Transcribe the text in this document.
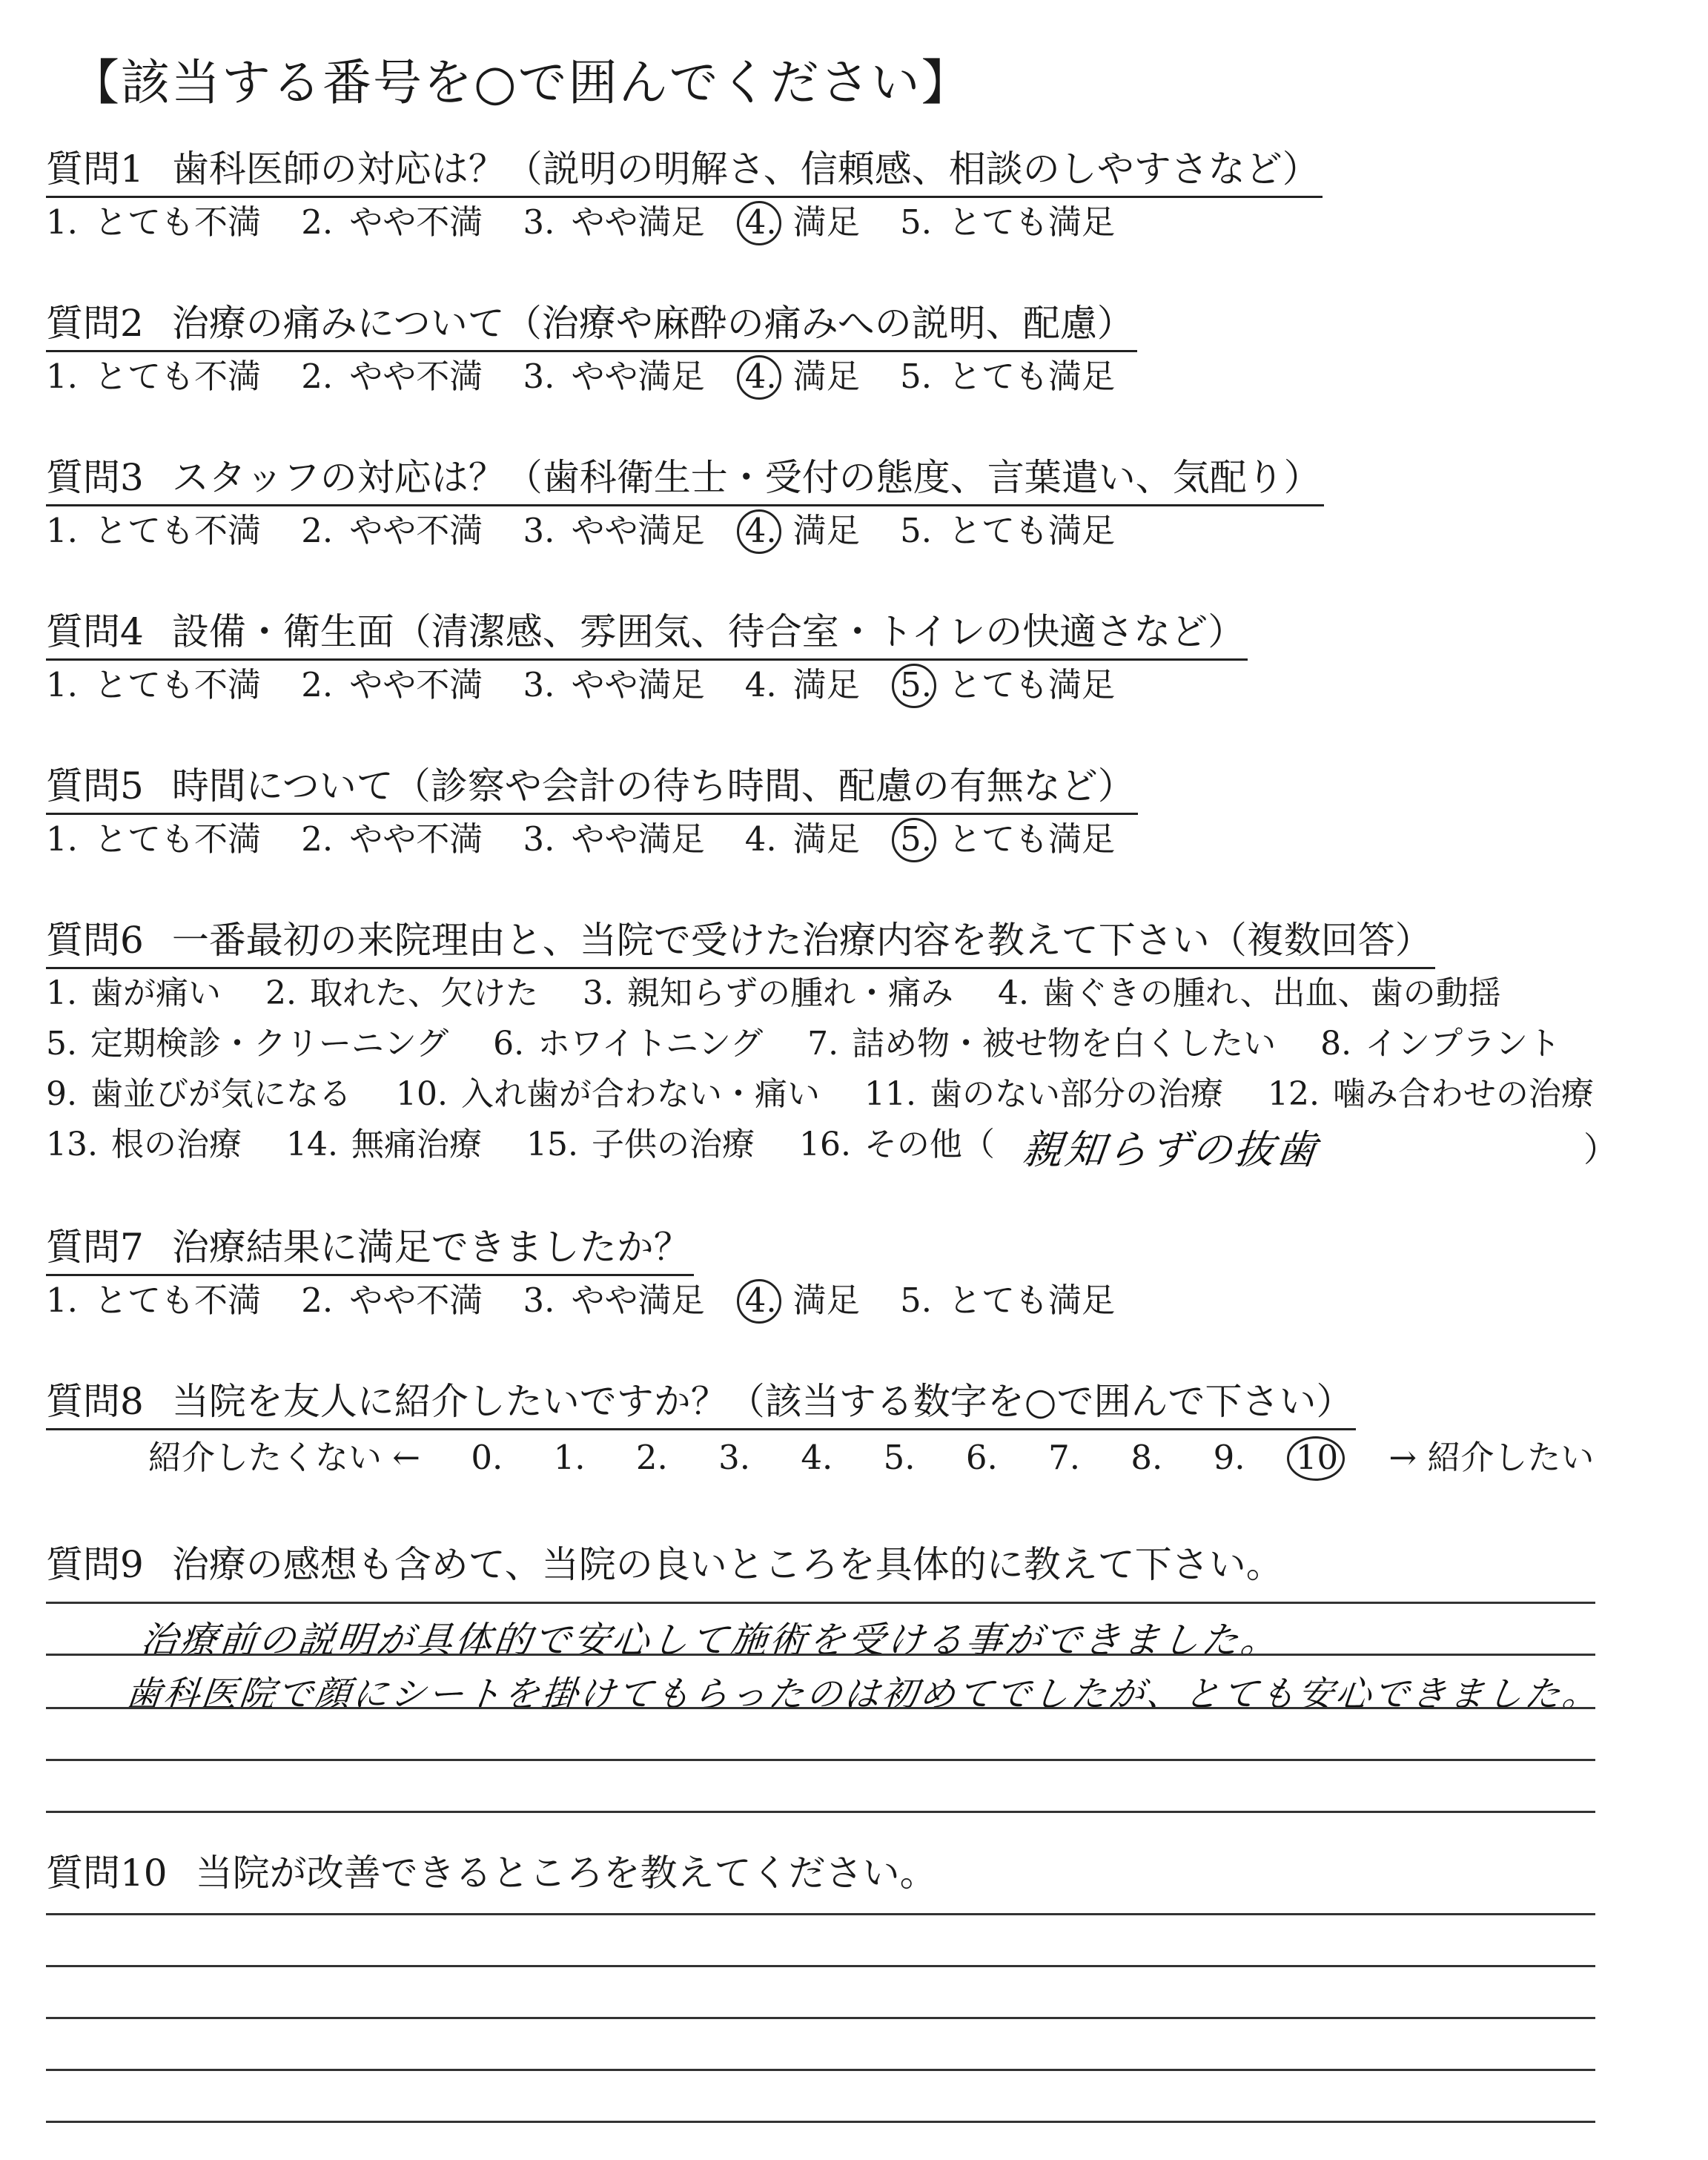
【該当する番号を○で囲んでください】
質問1 歯科医師の対応は？（説明の明解さ、信頼感、相談のしやすさなど）
1. とても不満 2. やや不満 3. やや満足 4. 満足 5. とても満足
質問2 治療の痛みについて（治療や麻酔の痛みへの説明、配慮）
1. とても不満 2. やや不満 3. やや満足 4. 満足 5. とても満足
質問3 スタッフの対応は？（歯科衛生士・受付の態度、言葉遣い、気配り）
1. とても不満 2. やや不満 3. やや満足 4. 満足 5. とても満足
質問4 設備・衛生面（清潔感、雰囲気、待合室・トイレの快適さなど）
1. とても不満 2. やや不満 3. やや満足 4. 満足 5. とても満足
質問5 時間について（診察や会計の待ち時間、配慮の有無など）
1. とても不満 2. やや不満 3. やや満足 4. 満足 5. とても満足
質問6 一番最初の来院理由と、当院で受けた治療内容を教えて下さい（複数回答）
1. 歯が痛い 2. 取れた、欠けた 3. 親知らずの腫れ・痛み 4. 歯ぐきの腫れ、出血、歯の動揺
5. 定期検診・クリーニング 6. ホワイトニング 7. 詰め物・被せ物を白くしたい 8. インプラント
9. 歯並びが気になる 10. 入れ歯が合わない・痛い 11. 歯のない部分の治療 12. 噛み合わせの治療
13. 根の治療 14. 無痛治療 15. 子供の治療 16. その他（ 親知らずの抜歯	）
質問7 治療結果に満足できましたか？
1. とても不満 2. やや不満 3. やや満足 4. 満足 5. とても満足
質問8 当院を友人に紹介したいですか？（該当する数字を○で囲んで下さい）
紹介したくない ← 0. 1. 2. 3. 4. 5. 6. 7. 8. 9. 10 → 紹介したい
質問9 治療の感想も含めて、当院の良いところを具体的に教えて下さい。
治療前の説明が具体的で安心して施術を受ける事ができました。
歯科医院で顔にシートを掛けてもらったのは初めてでしたが、とても安心できました。
質問10 当院が改善できるところを教えてください。
